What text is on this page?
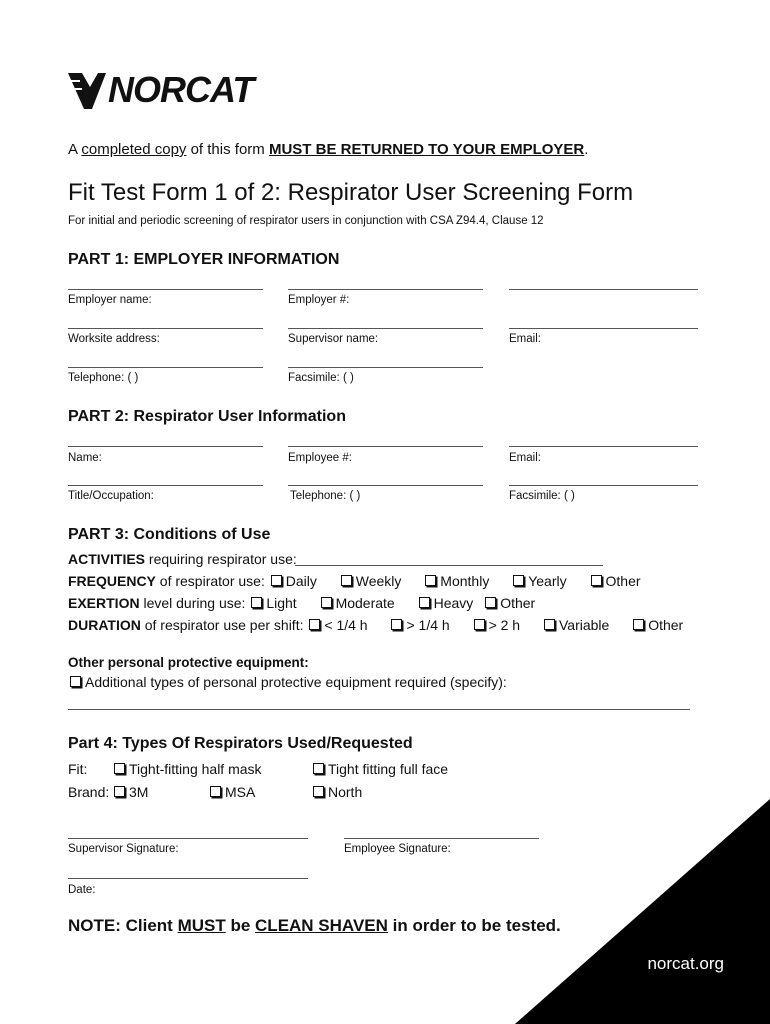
NORCAT
A completed copy of this form MUST BE RETURNED TO YOUR EMPLOYER.
Fit Test Form 1 of 2: Respirator User Screening Form
For initial and periodic screening of respirator users in conjunction with CSA Z94.4, Clause 12
PART 1: EMPLOYER INFORMATION
Employer name:	Employer #:
Worksite address:	Supervisor name:	Email:
Telephone: ( )	Facsimile: ( )
PART 2: Respirator User Information
Name:	Employee #:	Email:
Title/Occupation:	Telephone: ( )	Facsimile: ( )
PART 3: Conditions of Use
ACTIVITIES requiring respirator use:
FREQUENCY of respirator use: Daily	Weekly	Monthly	Yearly	Other
EXERTION level during use: Light	Moderate	Heavy Other
DURATION of respirator use per shift: < 1/4 h	> 1/4 h	> 2 h	Variable	Other
Other personal protective equipment:
Additional types of personal protective equipment required (specify):
Part 4: Types Of Respirators Used/Requested
Fit:	Tight-fitting half mask	Tight fitting full face
Brand:	3M	MSA	North
Supervisor Signature:	Employee Signature:
Date:
NOTE: Client MUST be CLEAN SHAVEN in order to be tested.
norcat.org
